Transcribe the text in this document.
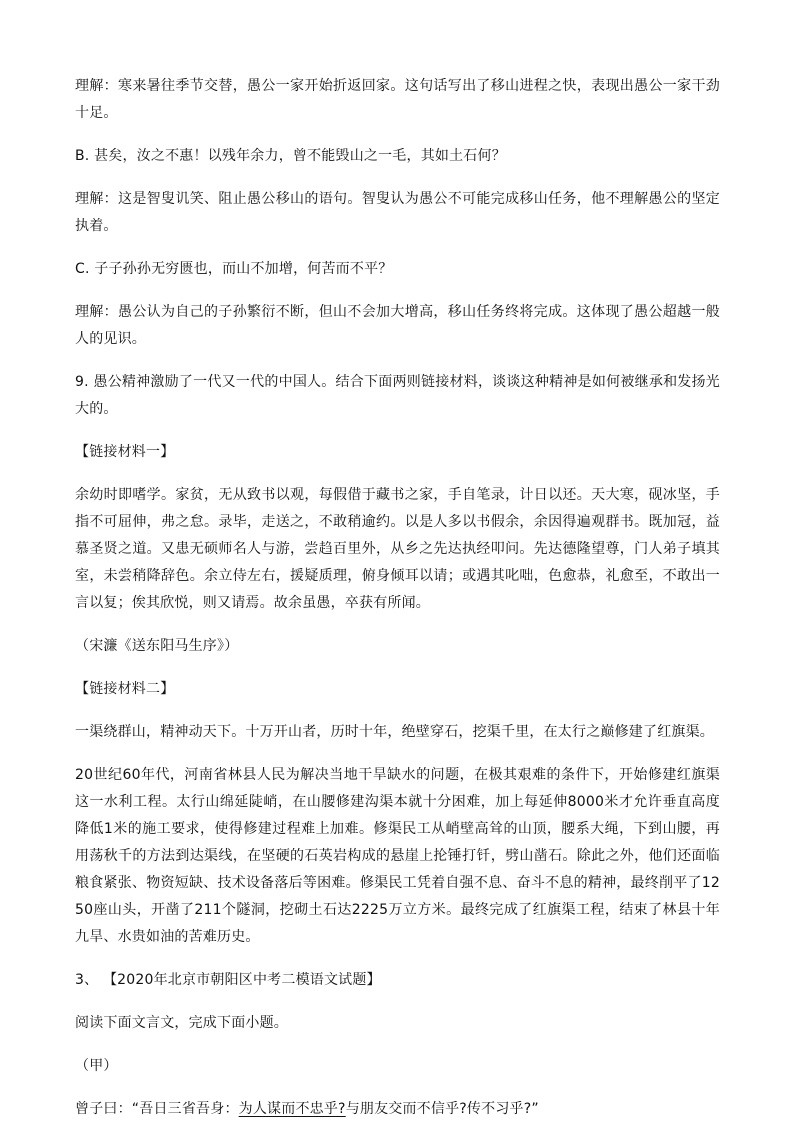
理解：寒来暑往季节交替，愚公一家开始折返回家。这句话写出了移山进程之快，表现出愚公一家干劲十足。

B. 甚矣，汝之不惠！以残年余力，曾不能毁山之一毛，其如土石何？

理解：这是智叟讥笑、阻止愚公移山的语句。智叟认为愚公不可能完成移山任务，他不理解愚公的坚定执着。

C. 子子孙孙无穷匮也，而山不加增，何苦而不平？

理解：愚公认为自己的子孙繁衍不断，但山不会加大增高，移山任务终将完成。这体现了愚公超越一般人的见识。

9. 愚公精神激励了一代又一代的中国人。结合下面两则链接材料，谈谈这种精神是如何被继承和发扬光大的。

【链接材料一】

余幼时即嗜学。家贫，无从致书以观，每假借于藏书之家，手自笔录，计日以还。天大寒，砚冰坚，手指不可屈伸，弗之怠。录毕，走送之，不敢稍逾约。以是人多以书假余，余因得遍观群书。既加冠，益慕圣贤之道。又患无硕师名人与游，尝趋百里外，从乡之先达执经叩问。先达德隆望尊，门人弟子填其室，未尝稍降辞色。余立侍左右，援疑质理，俯身倾耳以请；或遇其叱咄，色愈恭，礼愈至，不敢出一言以复；俟其欣悦，则又请焉。故余虽愚，卒获有所闻。

（宋濂《送东阳马生序》）

【链接材料二】

一渠绕群山，精神动天下。十万开山者，历时十年，绝壁穿石，挖渠千里，在太行之巅修建了红旗渠。

20世纪60年代，河南省林县人民为解决当地干旱缺水的问题，在极其艰难的条件下，开始修建红旗渠这一水利工程。太行山绵延陡峭，在山腰修建沟渠本就十分困难，加上每延伸8000米才允许垂直高度降低1米的施工要求，使得修建过程难上加难。修渠民工从峭壁高耸的山顶，腰系大绳，下到山腰，再用荡秋千的方法到达渠线，在坚硬的石英岩构成的悬崖上抡锤打钎，劈山凿石。除此之外，他们还面临粮食紧张、物资短缺、技术设备落后等困难。修渠民工凭着自强不息、奋斗不息的精神，最终削平了1250座山头，开凿了211个隧洞，挖砌土石达2225万立方米。最终完成了红旗渠工程，结束了林县十年九旱、水贵如油的苦难历史。

3、 【2020年北京市朝阳区中考二模语文试题】

阅读下面文言文，完成下面小题。

（甲）

曾子曰：“吾日三省吾身：为人谋而不忠乎?与朋友交而不信乎?传不习乎?”
